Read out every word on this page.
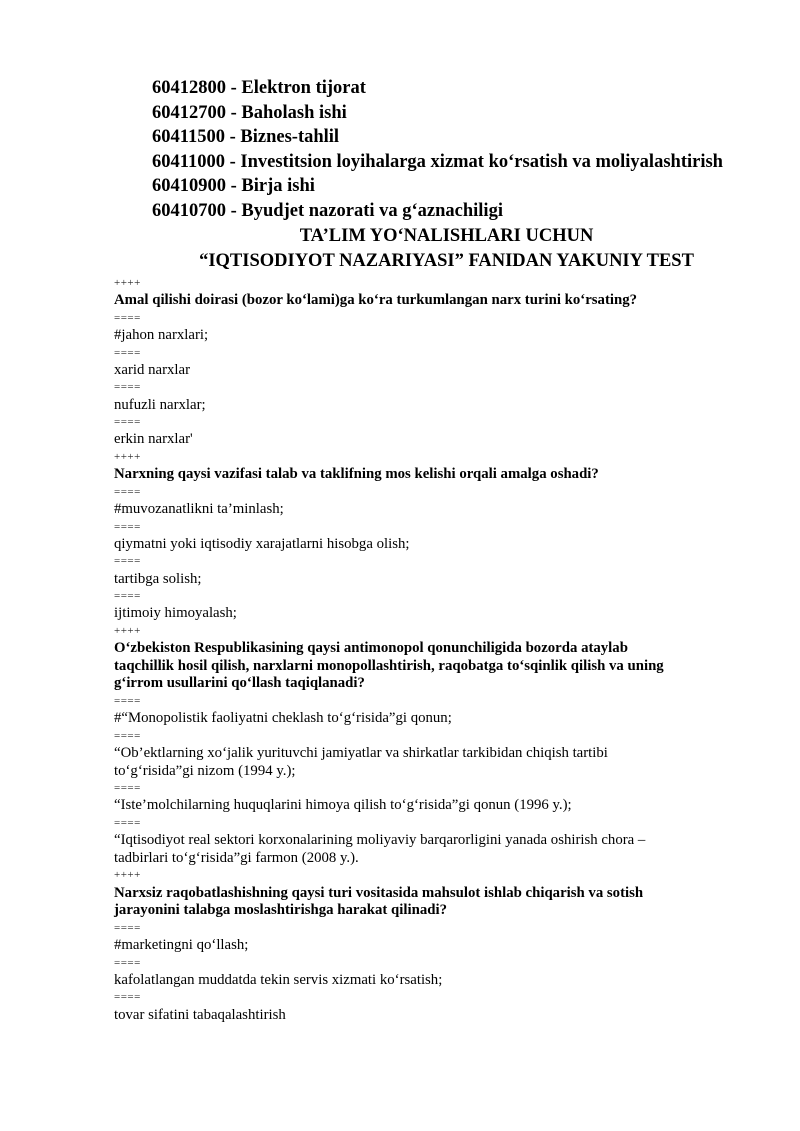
60412800 - Elektron tijorat
60412700 - Baholash ishi
60411500 - Biznes-tahlil
60411000 - Investitsion loyihalarga xizmat ko‘rsatish va moliyalashtirish
60410900 - Birja ishi
60410700 - Byudjet nazorati va g‘aznachiligi
TA’LIM YO‘NALISHLARI UCHUN
“IQTISODIYOT NAZARIYASI” FANIDAN YAKUNIY TEST
++++
Amal qilishi doirasi (bozor ko‘lami)ga ko‘ra turkumlangan narx turini ko‘rsating?
====
#jahon narxlari;
====
xarid narxlar
====
nufuzli narxlar;
====
erkin narxlar'
++++
Narxning qaysi vazifasi talab va taklifning mos kelishi orqali amalga oshadi?
====
#muvozanatlikni ta’minlash;
====
qiymatni yoki iqtisodiy xarajatlarni hisobga olish;
====
tartibga solish;
====
ijtimoiy himoyalash;
++++
O‘zbekiston Respublikasining qaysi antimonopol qonunchiligida bozorda ataylab
taqchillik hosil qilish, narxlarni monopollashtirish, raqobatga to‘sqinlik qilish va uning
g‘irrom usullarini qo‘llash taqiqlanadi?
====
#“Monopolistik faoliyatni cheklash to‘g‘risida”gi qonun;
====
“Ob’ektlarning xo‘jalik yurituvchi jamiyatlar va shirkatlar tarkibidan chiqish tartibi
to‘g‘risida”gi nizom (1994 y.);
====
“Iste’molchilarning huquqlarini himoya qilish to‘g‘risida”gi qonun (1996 y.);
====
“Iqtisodiyot real sektori korxonalarining moliyaviy barqarorligini yanada oshirish chora –
tadbirlari to‘g‘risida”gi farmon (2008 y.).
++++
Narxsiz raqobatlashishning qaysi turi vositasida mahsulot ishlab chiqarish va sotish
jarayonini talabga moslashtirishga harakat qilinadi?
====
#marketingni qo‘llash;
====
kafolatlangan muddatda tekin servis xizmati ko‘rsatish;
====
tovar sifatini tabaqalashtirish
